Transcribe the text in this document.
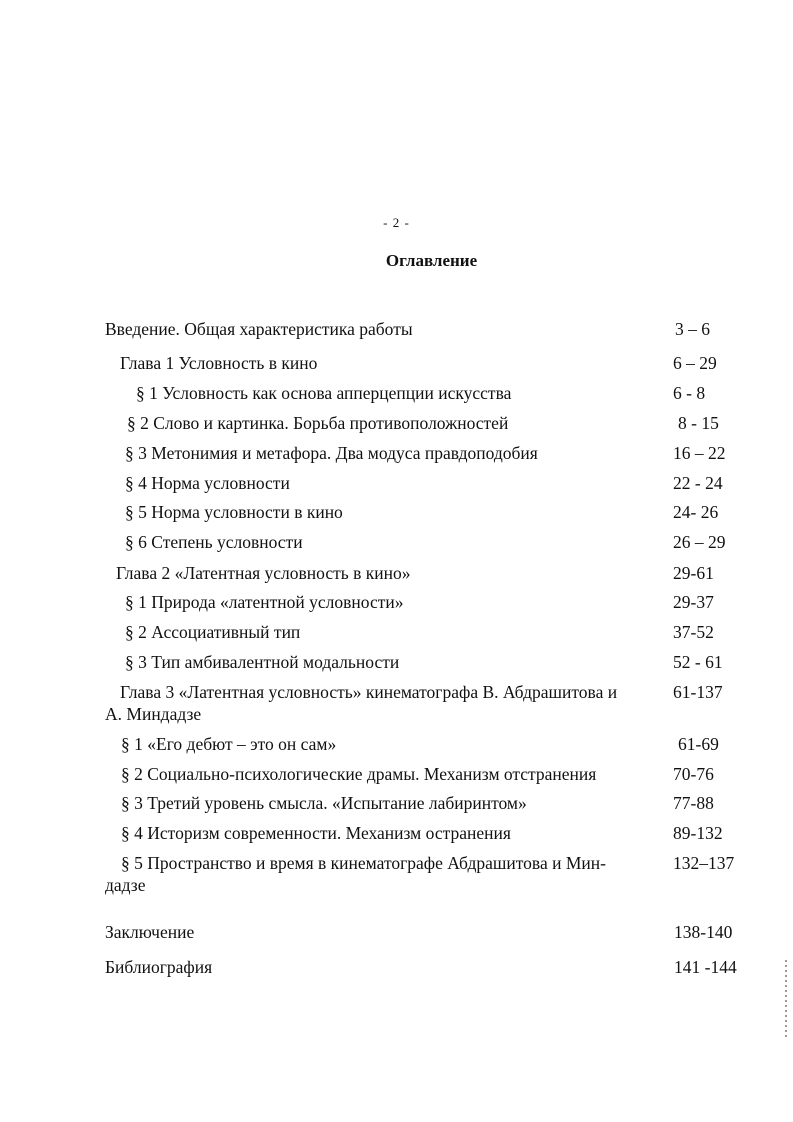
- 2 -
Оглавление
Введение. Общая характеристика работы	3 – 6
Глава 1 Условность в кино	6 – 29
§ 1 Условность как основа апперцепции искусства	6 - 8
§ 2 Слово и картинка. Борьба противоположностей	8 - 15
§ 3 Метонимия и метафора. Два модуса правдоподобия	16 – 22
§ 4 Норма условности	22 - 24
§ 5 Норма условности в кино	24- 26
§ 6 Степень условности	26 – 29
Глава 2 «Латентная условность в кино»	29-61
§ 1 Природа «латентной условности»	29-37
§ 2 Ассоциативный тип	37-52
§ 3 Тип амбивалентной модальности	52 - 61
Глава 3 «Латентная условность» кинематографа В. Абдрашитова и	61-137
А. Миндадзе
§ 1 «Его дебют – это он сам»	61-69
§ 2 Социально-психологические драмы. Механизм отстранения	70-76
§ 3 Третий уровень смысла. «Испытание лабиринтом»	77-88
§ 4 Историзм современности. Механизм остранения	89-132
§ 5 Пространство и время в кинематографе Абдрашитова и Мин-	132–137
дадзе
Заключение	138-140
Библиография	141 -144
